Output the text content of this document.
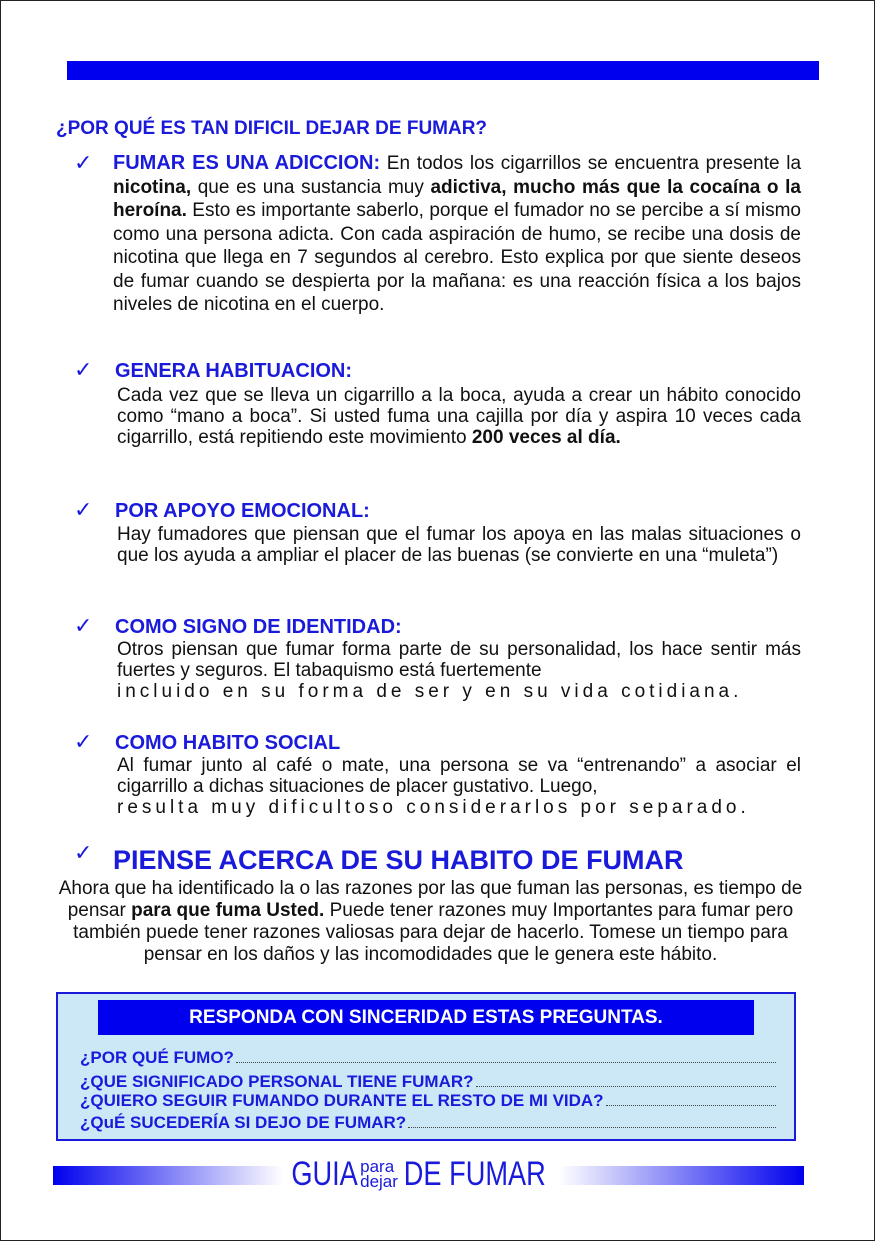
¿POR QUÉ ES TAN DIFICIL DEJAR DE FUMAR?
✓ FUMAR ES UNA ADICCION: En todos los cigarrillos se encuentra presente la nicotina, que es una sustancia muy adictiva, mucho más que la cocaína o la heroína. Esto es importante saberlo, porque el fumador no se percibe a sí mismo como una persona adicta. Con cada aspiración de humo, se recibe una dosis de nicotina que llega en 7 segundos al cerebro. Esto explica por que siente deseos de fumar cuando se despierta por la mañana: es una reacción física a los bajos niveles de nicotina en el cuerpo.
✓ GENERA HABITUACION:
Cada vez que se lleva un cigarrillo a la boca, ayuda a crear un hábito conocido como “mano a boca”. Si usted fuma una cajilla por día y aspira 10 veces cada cigarrillo, está repitiendo este movimiento 200 veces al día.
✓ POR APOYO EMOCIONAL:
Hay fumadores que piensan que el fumar los apoya en las malas situaciones o que los ayuda a ampliar el placer de las buenas (se convierte en una “muleta”)
✓ COMO SIGNO DE IDENTIDAD:
Otros piensan que fumar forma parte de su personalidad, los hace sentir más fuertes y seguros. El tabaquismo está fuertemente
incluido en su forma de ser y en su vida cotidiana.
✓ COMO HABITO SOCIAL
Al fumar junto al café o mate, una persona se va “entrenando” a asociar el cigarrillo a dichas situaciones de placer gustativo. Luego,
resulta muy dificultoso considerarlos por separado.
✓ PIENSE ACERCA DE SU HABITO DE FUMAR
Ahora que ha identificado la o las razones por las que fuman las personas, es tiempo de pensar para que fuma Usted. Puede tener razones muy Importantes para fumar pero también puede tener razones valiosas para dejar de hacerlo. Tomese un tiempo para pensar en los daños y las incomodidades que le genera este hábito.
RESPONDA CON SINCERIDAD ESTAS PREGUNTAS.
¿POR QUÉ FUMO?
¿QUE SIGNIFICADO PERSONAL TIENE FUMAR?
¿QUIERO SEGUIR FUMANDO DURANTE EL RESTO DE MI VIDA?
¿QuÉ SUCEDERÍA SI DEJO DE FUMAR?
GUIA para
dejar DE FUMAR
